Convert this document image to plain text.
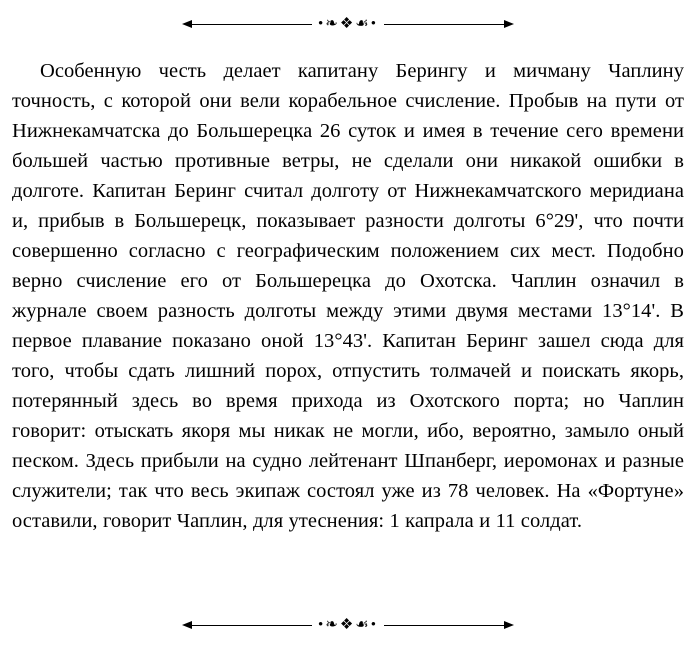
•❧❖☙•

Особенную честь делает капитану Берингу и мичману Чаплину точность, с которой они вели корабельное счисление. Пробыв на пути от Нижнекамчатска до Большерецка 26 суток и имея в течение сего времени большей частью противные ветры, не сделали они никакой ошибки в долготе. Капитан Беринг считал долготу от Нижнекамчатского меридиана и, прибыв в Большерецк, показывает разности долготы 6°29', что почти совершенно согласно с географическим положением сих мест. Подобно верно счисление его от Большерецка до Охотска. Чаплин означил в журнале своем разность долготы между этими двумя местами 13°14'. В первое плавание показано оной 13°43'. Капитан Беринг зашел сюда для того, чтобы сдать лишний порох, отпустить толмачей и поискать якорь, потерянный здесь во время прихода из Охотского порта; но Чаплин говорит: отыскать якоря мы никак не могли, ибо, вероятно, замыло оный песком. Здесь прибыли на судно лейтенант Шпанберг, иеромонах и разные служители; так что весь экипаж состоял уже из 78 человек. На «Фортуне» оставили, говорит Чаплин, для утеснения: 1 капрала и 11 солдат.

•❧❖☙•
